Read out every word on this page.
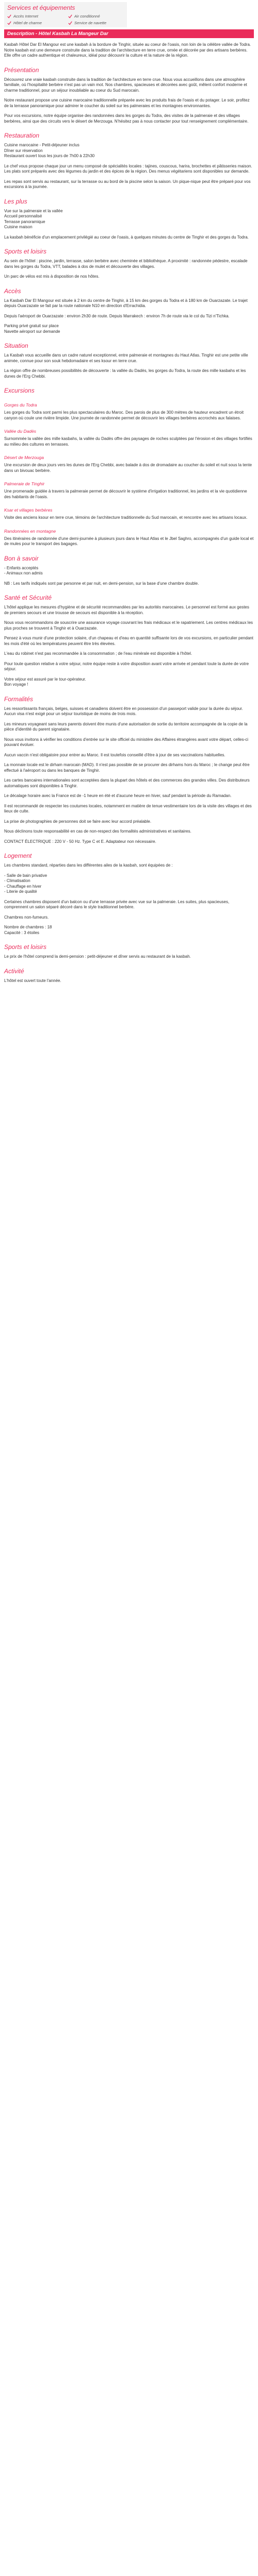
Services et équipements
Accès Internet	Air conditionné
Hôtel de charme	Service de navette
Description - Hôtel Kasbah La Mangeur Dar

Kasbah Hôtel Dar El Mangour est une kasbah à la bordure de Tinghir, située au coeur de l'oasis, non loin de la célèbre vallée de Todra. Notre kasbah est une demeure construite dans la tradition de l'architecture en terre crue, ornée et décorée par des artisans berbères. Elle offre un cadre authentique et chaleureux, idéal pour découvrir la culture et la nature de la région.

Présentation

Découvrez une vraie kasbah construite dans la tradition de l'architecture en terre crue. Nous vous accueillons dans une atmosphère familiale, où l'hospitalité berbère n'est pas un vain mot. Nos chambres, spacieuses et décorées avec goût, mêlent confort moderne et charme traditionnel, pour un séjour inoubliable au coeur du Sud marocain.

Notre restaurant propose une cuisine marocaine traditionnelle préparée avec les produits frais de l'oasis et du potager. Le soir, profitez de la terrasse panoramique pour admirer le coucher du soleil sur les palmeraies et les montagnes environnantes.

Pour vos excursions, notre équipe organise des randonnées dans les gorges du Todra, des visites de la palmeraie et des villages berbères, ainsi que des circuits vers le désert de Merzouga. N'hésitez pas à nous contacter pour tout renseignement complémentaire.

Restauration
Cuisine marocaine - Petit-déjeuner inclus
Dîner sur réservation
Restaurant ouvert tous les jours de 7h00 à 22h30

Le chef vous propose chaque jour un menu composé de spécialités locales : tajines, couscous, harira, brochettes et pâtisseries maison. Les plats sont préparés avec des légumes du jardin et des épices de la région. Des menus végétariens sont disponibles sur demande.

Les repas sont servis au restaurant, sur la terrasse ou au bord de la piscine selon la saison. Un pique-nique peut être préparé pour vos excursions à la journée.

Les plus
Vue sur la palmeraie et la vallée
Accueil personnalisé
Terrasse panoramique
Cuisine maison

La kasbah bénéficie d'un emplacement privilégié au coeur de l'oasis, à quelques minutes du centre de Tinghir et des gorges du Todra.

Sports et loisirs

Au sein de l'hôtel : piscine, jardin, terrasse, salon berbère avec cheminée et bibliothèque. A proximité : randonnée pédestre, escalade dans les gorges du Todra, VTT, balades à dos de mulet et découverte des villages.

Un parc de vélos est mis à disposition de nos hôtes.

Accès

La Kasbah Dar El Mangour est située à 2 km du centre de Tinghir, à 15 km des gorges du Todra et à 180 km de Ouarzazate. Le trajet depuis Ouarzazate se fait par la route nationale N10 en direction d'Errachidia.

Depuis l'aéroport de Ouarzazate : environ 2h30 de route. Depuis Marrakech : environ 7h de route via le col du Tizi n'Tichka.

Parking privé gratuit sur place
Navette aéroport sur demande
Situation

La Kasbah vous accueille dans un cadre naturel exceptionnel, entre palmeraie et montagnes du Haut Atlas. Tinghir est une petite ville animée, connue pour son souk hebdomadaire et ses ksour en terre crue.

La région offre de nombreuses possibilités de découverte : la vallée du Dadès, les gorges du Todra, la route des mille kasbahs et les dunes de l'Erg Chebbi.

Excursions
Gorges du Todra

Les gorges du Todra sont parmi les plus spectaculaires du Maroc. Des parois de plus de 300 mètres de hauteur encadrent un étroit canyon où coule une rivière limpide. Une journée de randonnée permet de découvrir les villages berbères accrochés aux falaises.

Vallée du Dadès

Surnommée la vallée des mille kasbahs, la vallée du Dadès offre des paysages de roches sculptées par l'érosion et des villages fortifiés au milieu des cultures en terrasses.

Désert de Merzouga

Une excursion de deux jours vers les dunes de l'Erg Chebbi, avec balade à dos de dromadaire au coucher du soleil et nuit sous la tente dans un bivouac berbère.

Palmeraie de Tinghir

Une promenade guidée à travers la palmeraie permet de découvrir le système d'irrigation traditionnel, les jardins et la vie quotidienne des habitants de l'oasis.

Ksar et villages berbères

Visite des anciens ksour en terre crue, témoins de l'architecture traditionnelle du Sud marocain, et rencontre avec les artisans locaux.

Randonnées en montagne

Des itinéraires de randonnée d'une demi-journée à plusieurs jours dans le Haut Atlas et le Jbel Saghro, accompagnés d'un guide local et de mules pour le transport des bagages.

Bon à savoir
- Enfants acceptés
- Animaux non admis

NB : Les tarifs indiqués sont par personne et par nuit, en demi-pension, sur la base d'une chambre double.

Santé et Sécurité

L'hôtel applique les mesures d'hygiène et de sécurité recommandées par les autorités marocaines. Le personnel est formé aux gestes de premiers secours et une trousse de secours est disponible à la réception.

Nous vous recommandons de souscrire une assurance voyage couvrant les frais médicaux et le rapatriement. Les centres médicaux les plus proches se trouvent à Tinghir et à Ouarzazate.

Pensez à vous munir d'une protection solaire, d'un chapeau et d'eau en quantité suffisante lors de vos excursions, en particulier pendant les mois d'été où les températures peuvent être très élevées.

L'eau du robinet n'est pas recommandée à la consommation ; de l'eau minérale est disponible à l'hôtel.

Pour toute question relative à votre séjour, notre équipe reste à votre disposition avant votre arrivée et pendant toute la durée de votre séjour.

Votre séjour est assuré par le tour-opérateur.
Bon voyage !
Formalités

Les ressortissants français, belges, suisses et canadiens doivent être en possession d'un passeport valide pour la durée du séjour. Aucun visa n'est exigé pour un séjour touristique de moins de trois mois.

Les mineurs voyageant sans leurs parents doivent être munis d'une autorisation de sortie du territoire accompagnée de la copie de la pièce d'identité du parent signataire.

Nous vous invitons à vérifier les conditions d'entrée sur le site officiel du ministère des Affaires étrangères avant votre départ, celles-ci pouvant évoluer.

Aucun vaccin n'est obligatoire pour entrer au Maroc. Il est toutefois conseillé d'être à jour de ses vaccinations habituelles.

La monnaie locale est le dirham marocain (MAD). Il n'est pas possible de se procurer des dirhams hors du Maroc ; le change peut être effectué à l'aéroport ou dans les banques de Tinghir.

Les cartes bancaires internationales sont acceptées dans la plupart des hôtels et des commerces des grandes villes. Des distributeurs automatiques sont disponibles à Tinghir.

Le décalage horaire avec la France est de -1 heure en été et d'aucune heure en hiver, sauf pendant la période du Ramadan.

Il est recommandé de respecter les coutumes locales, notamment en matière de tenue vestimentaire lors de la visite des villages et des lieux de culte.

La prise de photographies de personnes doit se faire avec leur accord préalable.

Nous déclinons toute responsabilité en cas de non-respect des formalités administratives et sanitaires.

CONTACT ÉLECTRIQUE : 220 V - 50 Hz. Type C et E. Adaptateur non nécessaire.
Logement

Les chambres standard, réparties dans les différentes ailes de la kasbah, sont équipées de :

- Salle de bain privative
- Climatisation
- Chauffage en hiver
- Literie de qualité

Certaines chambres disposent d'un balcon ou d'une terrasse privée avec vue sur la palmeraie. Les suites, plus spacieuses, comprennent un salon séparé décoré dans le style traditionnel berbère.

Chambres non-fumeurs.

Nombre de chambres : 18
Capacité : 3 étoiles
Sports et loisirs

Le prix de l'hôtel comprend la demi-pension : petit-déjeuner et dîner servis au restaurant de la kasbah.

Activité

L'hôtel est ouvert toute l'année.
